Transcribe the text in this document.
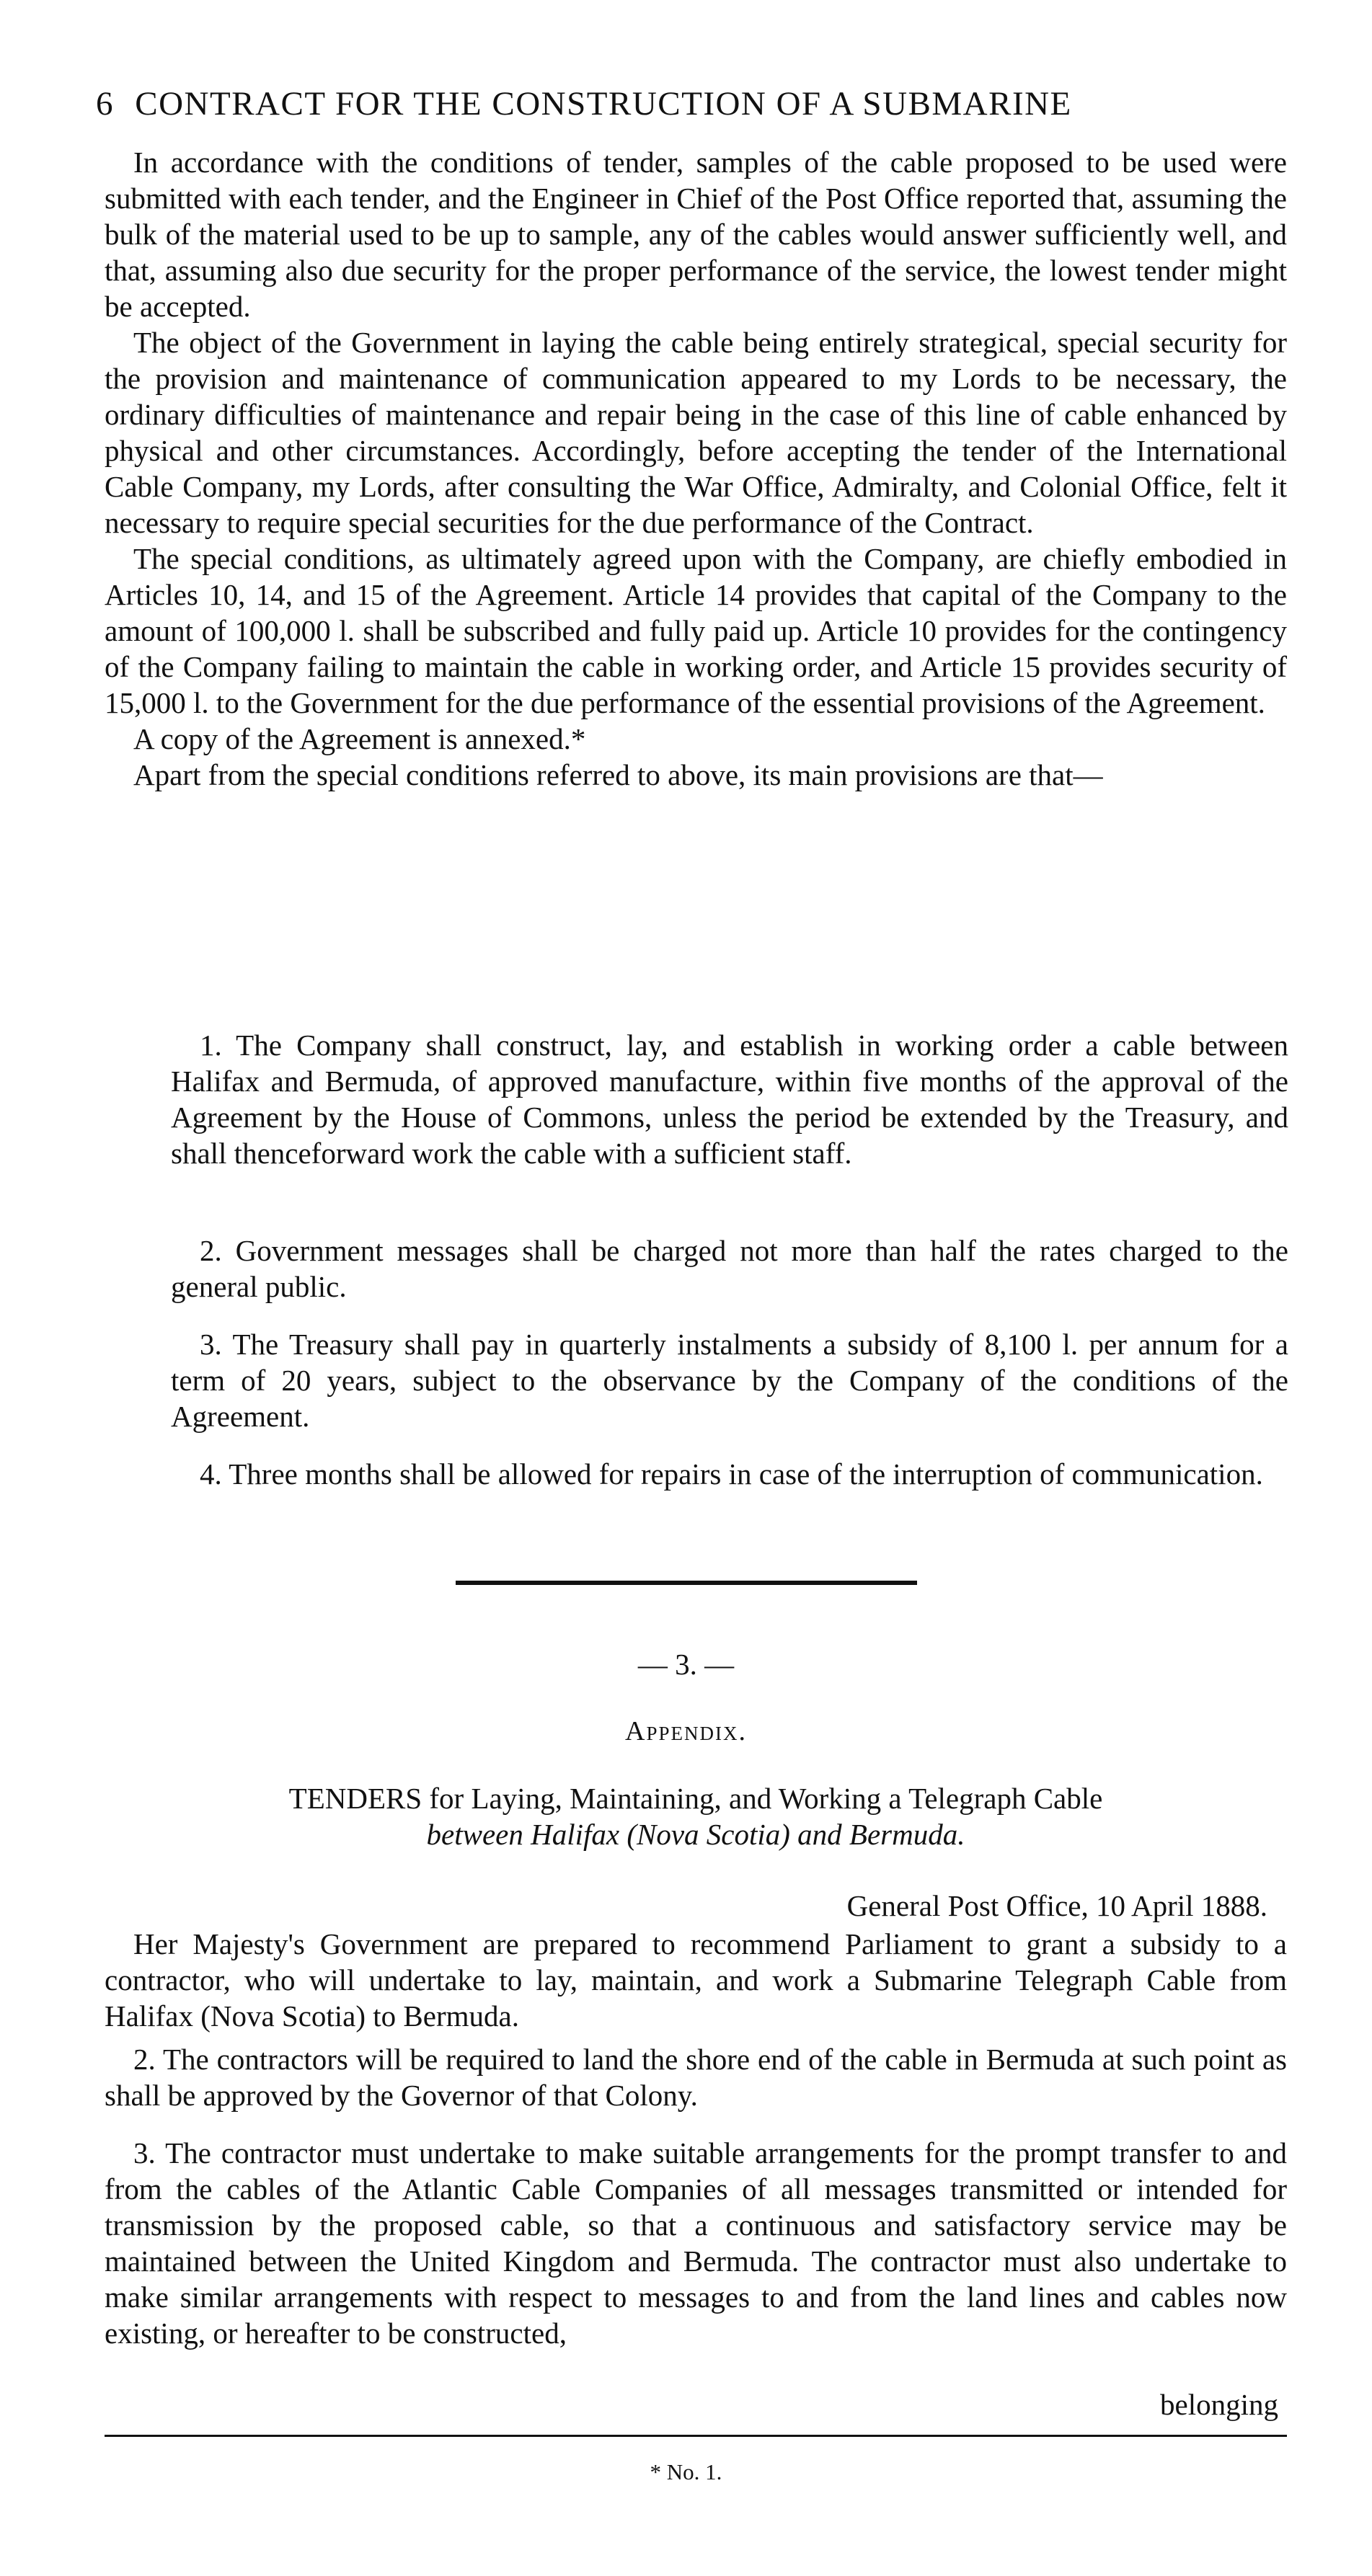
6 CONTRACT FOR THE CONSTRUCTION OF A SUBMARINE

In accordance with the conditions of tender, samples of the cable proposed to be used were submitted with each tender, and the Engineer in Chief of the Post Office reported that, assuming the bulk of the material used to be up to sample, any of the cables would answer sufficiently well, and that, assuming also due security for the proper performance of the service, the lowest tender might be accepted.

The object of the Government in laying the cable being entirely strategical, special security for the provision and maintenance of communication appeared to my Lords to be necessary, the ordinary difficulties of maintenance and repair being in the case of this line of cable enhanced by physical and other circumstances. Accordingly, before accepting the tender of the International Cable Company, my Lords, after consulting the War Office, Admiralty, and Colonial Office, felt it necessary to require special securities for the due performance of the Contract.

The special conditions, as ultimately agreed upon with the Company, are chiefly embodied in Articles 10, 14, and 15 of the Agreement. Article 14 provides that capital of the Company to the amount of 100,000 l. shall be subscribed and fully paid up. Article 10 provides for the contingency of the Company failing to maintain the cable in working order, and Article 15 provides security of 15,000 l. to the Government for the due performance of the essential provisions of the Agreement.

A copy of the Agreement is annexed.*

Apart from the special conditions referred to above, its main provisions are that—

1. The Company shall construct, lay, and establish in working order a cable between Halifax and Bermuda, of approved manufacture, within five months of the approval of the Agreement by the House of Commons, unless the period be extended by the Treasury, and shall thenceforward work the cable with a sufficient staff.

2. Government messages shall be charged not more than half the rates charged to the general public.

3. The Treasury shall pay in quarterly instalments a subsidy of 8,100 l. per annum for a term of 20 years, subject to the observance by the Company of the conditions of the Agreement.

4. Three months shall be allowed for repairs in case of the interruption of communication.

— 3. —
Appendix.
TENDERS for Laying, Maintaining, and Working a Telegraph Cable
between Halifax (Nova Scotia) and Bermuda.
General Post Office, 10 April 1888.

Her Majesty's Government are prepared to recommend Parliament to grant a subsidy to a contractor, who will undertake to lay, maintain, and work a Submarine Telegraph Cable from Halifax (Nova Scotia) to Bermuda.

2. The contractors will be required to land the shore end of the cable in Bermuda at such point as shall be approved by the Governor of that Colony.

3. The contractor must undertake to make suitable arrangements for the prompt transfer to and from the cables of the Atlantic Cable Companies of all messages transmitted or intended for transmission by the proposed cable, so that a continuous and satisfactory service may be maintained between the United Kingdom and Bermuda. The contractor must also undertake to make similar arrangements with respect to messages to and from the land lines and cables now existing, or hereafter to be constructed,

belonging
* No. 1.
